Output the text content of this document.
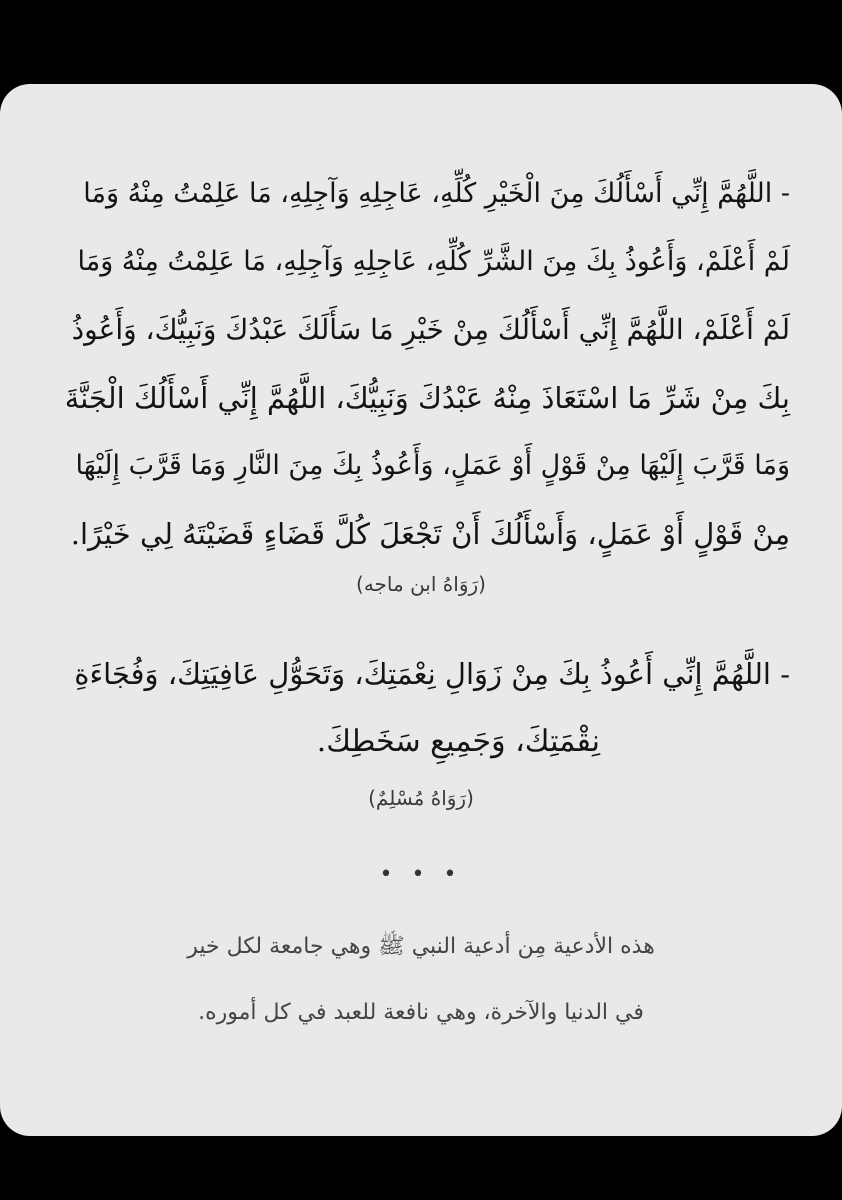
- اللَّهُمَّ إِنِّي أَسْأَلُكَ مِنَ الْخَيْرِ كُلِّهِ، عَاجِلِهِ وَآجِلِهِ، مَا عَلِمْتُ مِنْهُ وَمَا
لَمْ أَعْلَمْ، وَأَعُوذُ بِكَ مِنَ الشَّرِّ كُلِّهِ، عَاجِلِهِ وَآجِلِهِ، مَا عَلِمْتُ مِنْهُ وَمَا
لَمْ أَعْلَمْ، اللَّهُمَّ إِنِّي أَسْأَلُكَ مِنْ خَيْرِ مَا سَأَلَكَ عَبْدُكَ وَنَبِيُّكَ، وَأَعُوذُ
بِكَ مِنْ شَرِّ مَا اسْتَعَاذَ مِنْهُ عَبْدُكَ وَنَبِيُّكَ، اللَّهُمَّ إِنِّي أَسْأَلُكَ الْجَنَّةَ
وَمَا قَرَّبَ إِلَيْهَا مِنْ قَوْلٍ أَوْ عَمَلٍ، وَأَعُوذُ بِكَ مِنَ النَّارِ وَمَا قَرَّبَ إِلَيْهَا
مِنْ قَوْلٍ أَوْ عَمَلٍ، وَأَسْأَلُكَ أَنْ تَجْعَلَ كُلَّ قَضَاءٍ قَضَيْتَهُ لِي خَيْرًا.
(رَوَاهُ ابن ماجه)
- اللَّهُمَّ إِنِّي أَعُوذُ بِكَ مِنْ زَوَالِ نِعْمَتِكَ، وَتَحَوُّلِ عَافِيَتِكَ، وَفُجَاءَةِ
نِقْمَتِكَ، وَجَمِيعِ سَخَطِكَ.
(رَوَاهُ مُسْلِمٌ)
• • •
هذه الأدعية مِن أدعية النبي ﷺ وهي جامعة لكل خير
في الدنيا والآخرة، وهي نافعة للعبد في كل أموره.
